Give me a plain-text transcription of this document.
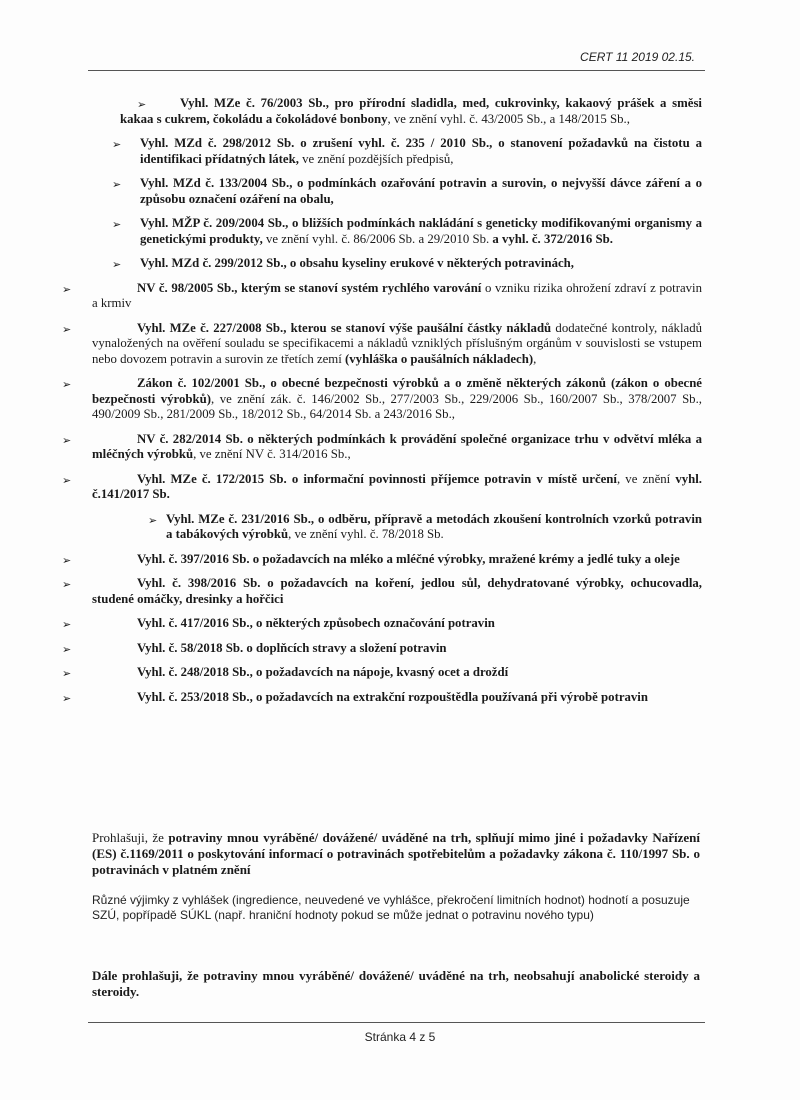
CERT 11 2019 02.15.
➢	Vyhl. MZe č. 76/2003 Sb., pro přírodní sladidla, med, cukrovinky, kakaový prášek a směsi kakaa s cukrem, čokoládu a čokoládové bonbony, ve znění vyhl. č. 43/2005 Sb., a 148/2015 Sb.,
➢	Vyhl. MZd č. 298/2012 Sb. o zrušení vyhl. č. 235 / 2010 Sb., o stanovení požadavků na čistotu a identifikaci přídatných látek, ve znění pozdějších předpisů,
➢	Vyhl. MZd č. 133/2004 Sb., o podmínkách ozařování potravin a surovin, o nejvyšší dávce záření a o způsobu označení ozáření na obalu,
➢	Vyhl. MŽP č. 209/2004 Sb., o bližších podmínkách nakládání s geneticky modifikovanými organismy a genetickými produkty, ve znění vyhl. č. 86/2006 Sb. a 29/2010 Sb. a vyhl. č. 372/2016 Sb.
➢	Vyhl. MZd č. 299/2012 Sb., o obsahu kyseliny erukové v některých potravinách,
➢	NV č. 98/2005 Sb., kterým se stanoví systém rychlého varování o vzniku rizika ohrožení zdraví z potravin a krmiv
➢	Vyhl. MZe č. 227/2008 Sb., kterou se stanoví výše paušální částky nákladů dodatečné kontroly, nákladů vynaložených na ověření souladu se specifikacemi a nákladů vzniklých příslušným orgánům v souvislosti se vstupem nebo dovozem potravin a surovin ze třetích zemí (vyhláška o paušálních nákladech),
➢	Zákon č. 102/2001 Sb., o obecné bezpečnosti výrobků a o změně některých zákonů (zákon o obecné bezpečnosti výrobků), ve znění zák. č. 146/2002 Sb., 277/2003 Sb., 229/2006 Sb., 160/2007 Sb., 378/2007 Sb., 490/2009 Sb., 281/2009 Sb., 18/2012 Sb., 64/2014 Sb. a 243/2016 Sb.,
➢	NV č. 282/2014 Sb. o některých podmínkách k provádění společné organizace trhu v odvětví mléka a mléčných výrobků, ve znění NV č. 314/2016 Sb.,
➢	Vyhl. MZe č. 172/2015 Sb. o informační povinnosti příjemce potravin v místě určení, ve znění vyhl. č.141/2017 Sb.
➢ Vyhl. MZe č. 231/2016 Sb., o odběru, přípravě a metodách zkoušení kontrolních vzorků potravin a tabákových výrobků, ve znění vyhl. č. 78/2018 Sb.
➢	Vyhl. č. 397/2016 Sb. o požadavcích na mléko a mléčné výrobky, mražené krémy a jedlé tuky a oleje
➢	Vyhl. č. 398/2016 Sb. o požadavcích na koření, jedlou sůl, dehydratované výrobky, ochucovadla, studené omáčky, dresinky a hořčici
➢	Vyhl. č. 417/2016 Sb., o některých způsobech označování potravin
➢	Vyhl. č. 58/2018 Sb. o doplňcích stravy a složení potravin
➢	Vyhl. č. 248/2018 Sb., o požadavcích na nápoje, kvasný ocet a droždí
➢	Vyhl. č. 253/2018 Sb., o požadavcích na extrakční rozpouštědla používaná při výrobě potravin
Prohlašuji, že potraviny mnou vyráběné/ dovážené/ uváděné na trh, splňují mimo jiné i požadavky Nařízení (ES) č.1169/2011 o poskytování informací o potravinách spotřebitelům a požadavky zákona č. 110/1997 Sb. o potravinách v platném znění
Různé výjimky z vyhlášek (ingredience, neuvedené ve vyhlášce, překročení limitních hodnot) hodnotí a posuzuje SZÚ, popřípadě SÚKL (např. hraniční hodnoty pokud se může jednat o potravinu nového typu)
Dále prohlašuji, že potraviny mnou vyráběné/ dovážené/ uváděné na trh, neobsahují anabolické steroidy a steroidy.
Stránka 4 z 5
